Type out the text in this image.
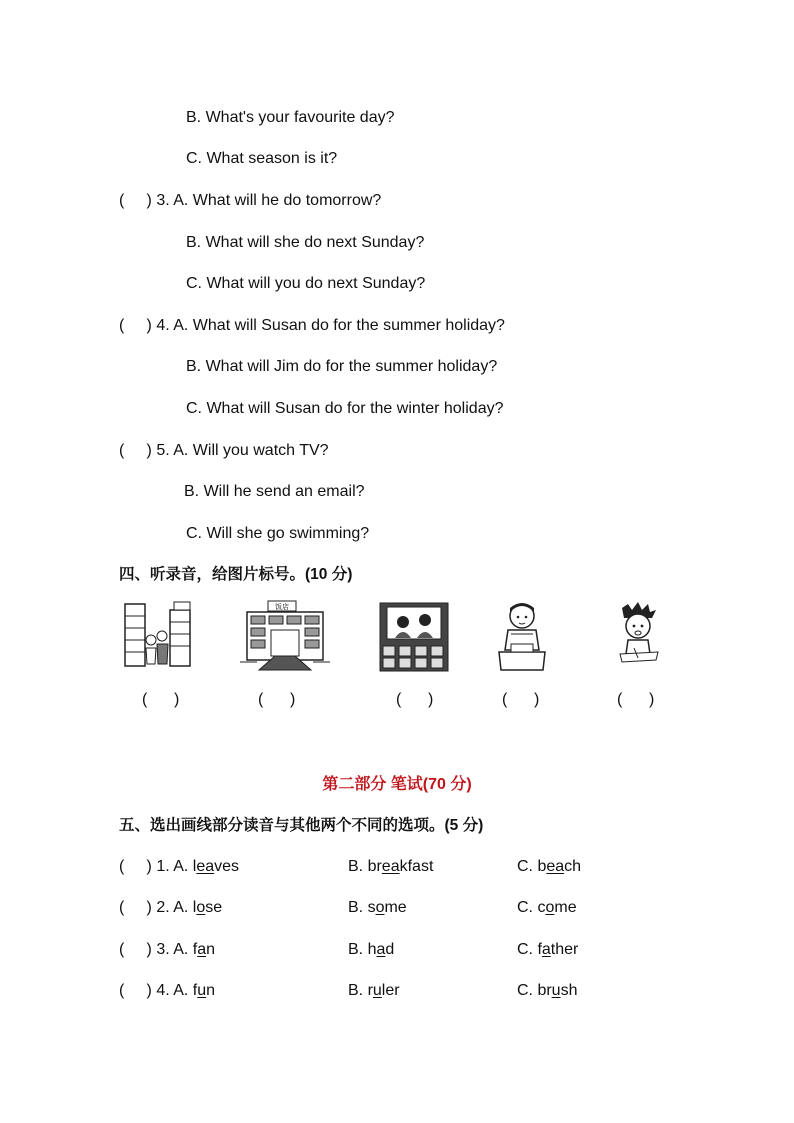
B. What's your favourite day?
C. What season is it?
(     ) 3. A. What will he do tomorrow?
B. What will she do next Sunday?
C. What will you do next Sunday?
(     ) 4. A. What will Susan do for the summer holiday?
B. What will Jim do for the summer holiday?
C. What will Susan do for the winter holiday?
(     ) 5. A. Will you watch TV?
B. Will he send an email?
C. Will she go swimming?
四、听录音，给图片标号。(10 分)
饭店
(      )	(      )	(      )	(      )	(      )
第二部分 笔试(70 分)
五、选出画线部分读音与其他两个不同的选项。(5 分)
(     ) 1. A. leaves	B. breakfast	C. beach
(     ) 2. A. lose	B. some	C. come
(     ) 3. A. fan	B. had	C. father
(     ) 4. A. fun	B. ruler	C. brush
